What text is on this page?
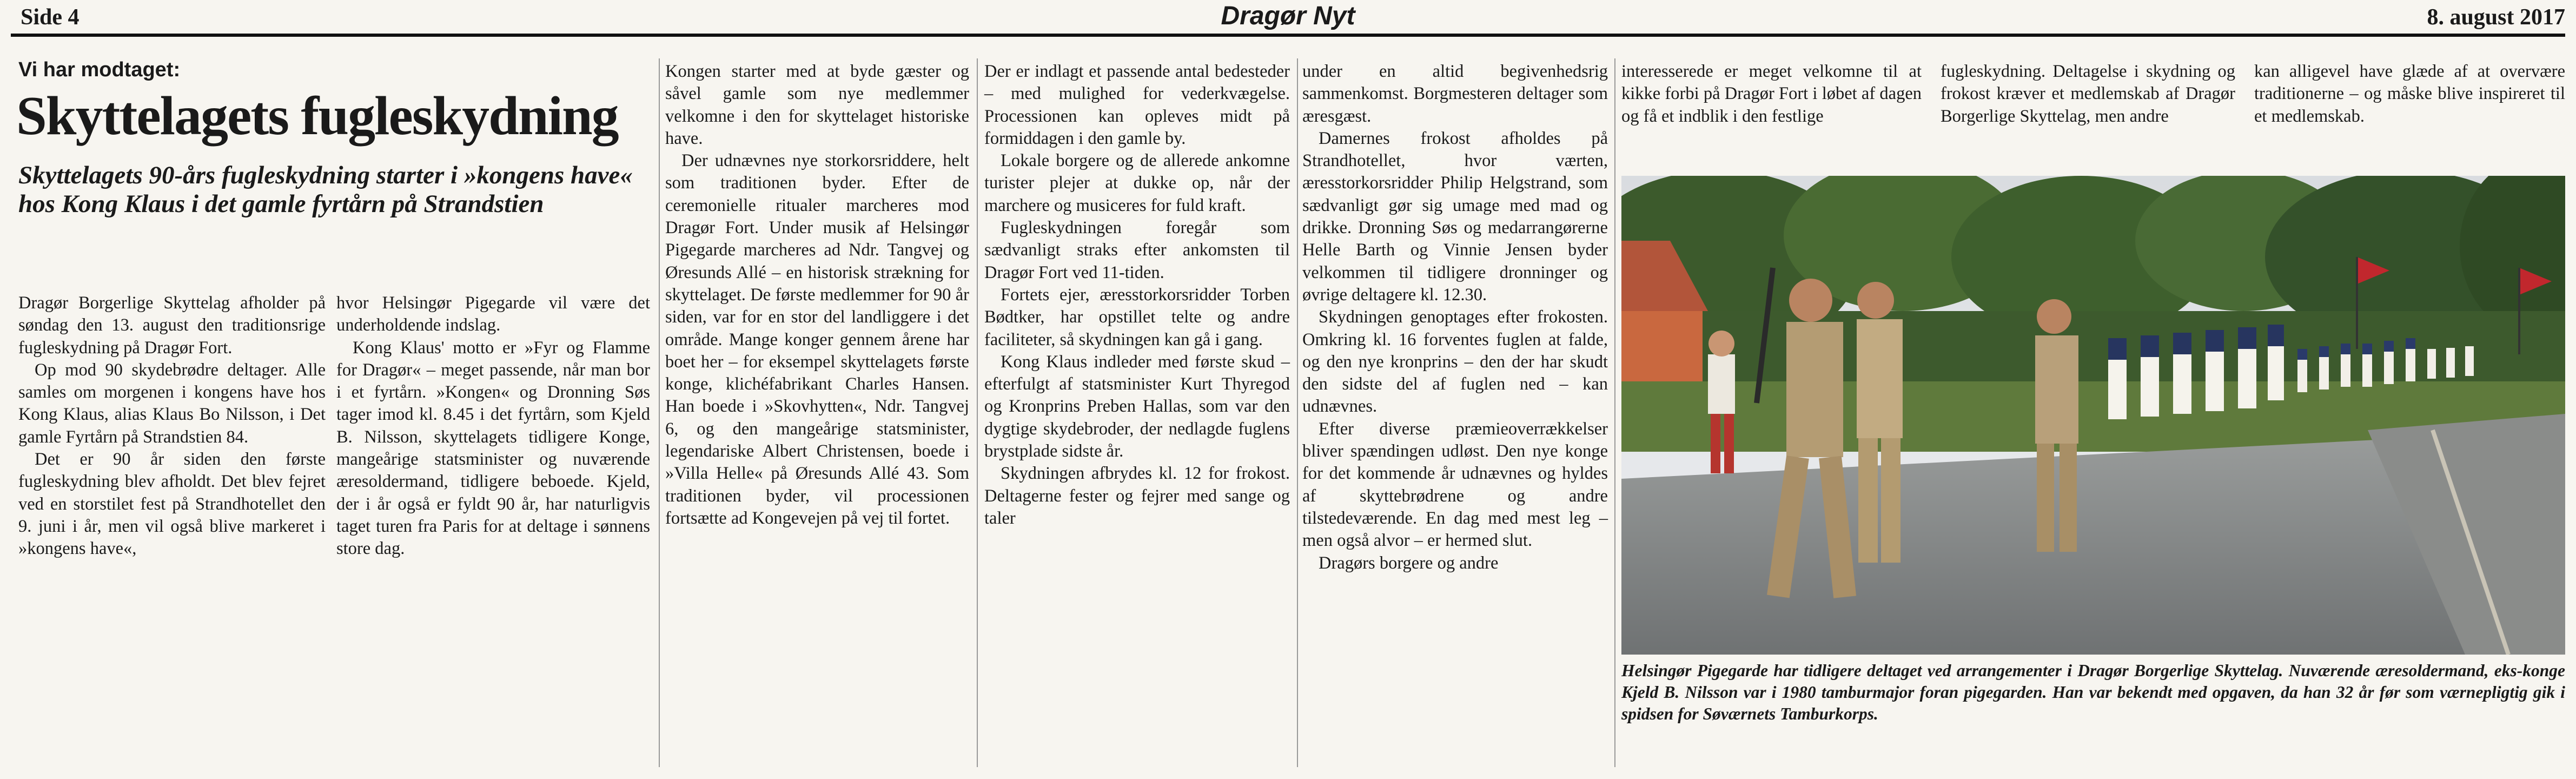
Side 4	Dragør Nyt	8. august 2017
Vi har modtaget:
Skyttelagets fugleskydning
Skyttelagets 90-års fugleskydning starter i »kongens have« hos Kong Klaus i det gamle fyrtårn på Strandstien

Dragør Borgerlige Skyttelag afholder på søndag den 13. august den traditionsrige fugleskydning på Dragør Fort.

Op mod 90 skydebrødre deltager. Alle samles om morgenen i kongens have hos Kong Klaus, alias Klaus Bo Nilsson, i Det gamle Fyrtårn på Strandstien 84.

Det er 90 år siden den første fugleskydning blev afholdt. Det blev fejret ved en storstilet fest på Strandhotellet den 9. juni i år, men vil også blive markeret i »kongens have«,

hvor Helsingør Pigegarde vil være det underholdende indslag.

Kong Klaus' motto er »Fyr og Flamme for Dragør« – meget passende, når man bor i et fyrtårn. »Kongen« og Dronning Søs tager imod kl. 8.45 i det fyrtårn, som Kjeld B. Nilsson, skyttelagets tidligere Konge, mangeårige statsminister og nuværende æresoldermand, tidligere beboede. Kjeld, der i år også er fyldt 90 år, har naturligvis taget turen fra Paris for at deltage i sønnens store dag.

Kongen starter med at byde gæster og såvel gamle som nye medlemmer velkomne i den for skyttelaget historiske have.

Der udnævnes nye storkorsriddere, helt som traditionen byder. Efter de ceremonielle ritualer marcheres mod Dragør Fort. Under musik af Helsingør Pigegarde marcheres ad Ndr. Tangvej og Øresunds Allé – en historisk strækning for skyttelaget. De første medlemmer for 90 år siden, var for en stor del landliggere i det område. Mange konger gennem årene har boet her – for eksempel skyttelagets første konge, klichéfabrikant Charles Hansen. Han boede i »Skovhytten«, Ndr. Tangvej 6, og den mangeårige statsminister, legendariske Albert Christensen, boede i »Villa Helle« på Øresunds Allé 43. Som traditionen byder, vil processionen fortsætte ad Kongevejen på vej til fortet.

Der er indlagt et passende antal bedesteder – med mulighed for vederkvægelse. Processionen kan opleves midt på formiddagen i den gamle by.

Lokale borgere og de allerede ankomne turister plejer at dukke op, når der marchere og musiceres for fuld kraft.

Fugleskydningen foregår som sædvanligt straks efter ankomsten til Dragør Fort ved 11-tiden.

Fortets ejer, æresstorkorsridder Torben Bødtker, har opstillet telte og andre faciliteter, så skydningen kan gå i gang.

Kong Klaus indleder med første skud – efterfulgt af statsminister Kurt Thyregod og Kronprins Preben Hallas, som var den dygtige skydebroder, der nedlagde fuglens brystplade sidste år.

Skydningen afbrydes kl. 12 for frokost. Deltagerne fester og fejrer med sange og taler

under en altid begivenhedsrig sammenkomst. Borgmesteren deltager som æresgæst.

Damernes frokost afholdes på Strandhotellet, hvor værten, æresstorkorsridder Philip Helgstrand, som sædvanligt gør sig umage med mad og drikke. Dronning Søs og medarrangørerne Helle Barth og Vinnie Jensen byder velkommen til tidligere dronninger og øvrige deltagere kl. 12.30.

Skydningen genoptages efter frokosten. Omkring kl. 16 forventes fuglen at falde, og den nye kronprins – den der har skudt den sidste del af fuglen ned – kan udnævnes.

Efter diverse præmieoverrækkelser bliver spændingen udløst. Den nye konge for det kommende år udnævnes og hyldes af skyttebrødrene og andre tilstedeværende. En dag med mest leg – men også alvor – er hermed slut.

Dragørs borgere og andre

interesserede er meget velkomne til at kikke forbi på Dragør Fort i løbet af dagen og få et indblik i den festlige

fugleskydning. Deltagelse i skydning og frokost kræver et medlemskab af Dragør Borgerlige Skyttelag, men andre

kan alligevel have glæde af at overvære traditionerne – og måske blive inspireret til et medlemskab.

Helsingør Pigegarde har tidligere deltaget ved arrangementer i Dragør Borgerlige Skyttelag. Nuværende æresoldermand, eks-konge Kjeld B. Nilsson var i 1980 tamburmajor foran pigegarden. Han var bekendt med opgaven, da han 32 år før som værnepligtig gik i spidsen for Søværnets Tamburkorps.
